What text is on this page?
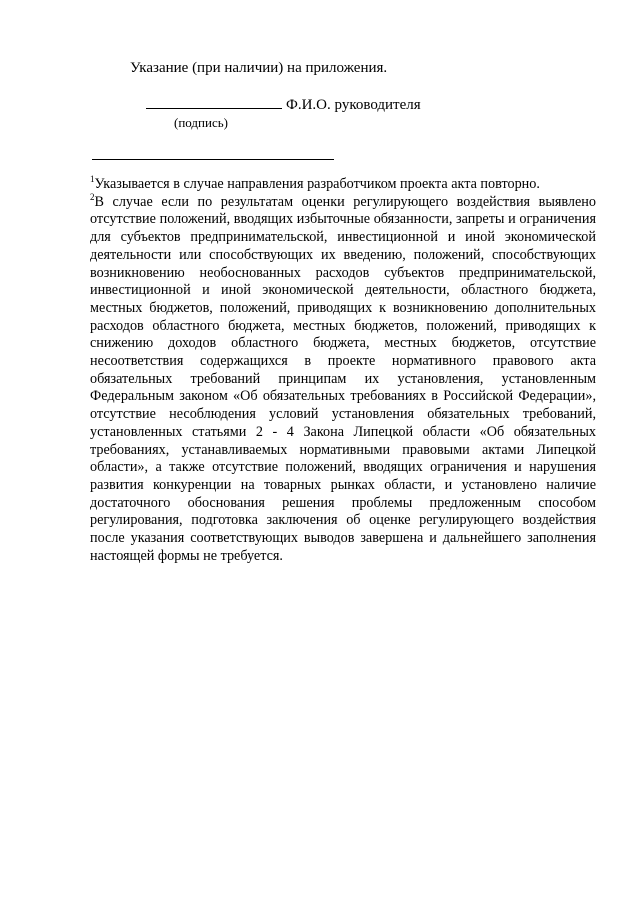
Указание (при наличии) на приложения.
Ф.И.О. руководителя
(подпись)

$^1$Указывается в случае направления разработчиком проекта акта повторно.

$^2$В случае если по результатам оценки регулирующего воздействия выявлено отсутствие положений, вводящих избыточные обязанности, запреты и ограничения для субъектов предпринимательской, инвестиционной и иной экономической деятельности или способствующих их введению, положений, способствующих возникновению необоснованных расходов субъектов предпринимательской, инвестиционной и иной экономической деятельности, областного бюджета, местных бюджетов, положений, приводящих к возникновению дополнительных расходов областного бюджета, местных бюджетов, положений, приводящих к снижению доходов областного бюджета, местных бюджетов, отсутствие несоответствия содержащихся в проекте нормативного правового акта обязательных требований принципам их установления, установленным Федеральным законом «Об обязательных требованиях в Российской Федерации», отсутствие несоблюдения условий установления обязательных требований, установленных статьями 2 - 4 Закона Липецкой области «Об обязательных требованиях, устанавливаемых нормативными правовыми актами Липецкой области», а также отсутствие положений, вводящих ограничения и нарушения развития конкуренции на товарных рынках области, и установлено наличие достаточного обоснования решения проблемы предложенным способом регулирования, подготовка заключения об оценке регулирующего воздействия после указания соответствующих выводов завершена и дальнейшего заполнения настоящей формы не требуется.
